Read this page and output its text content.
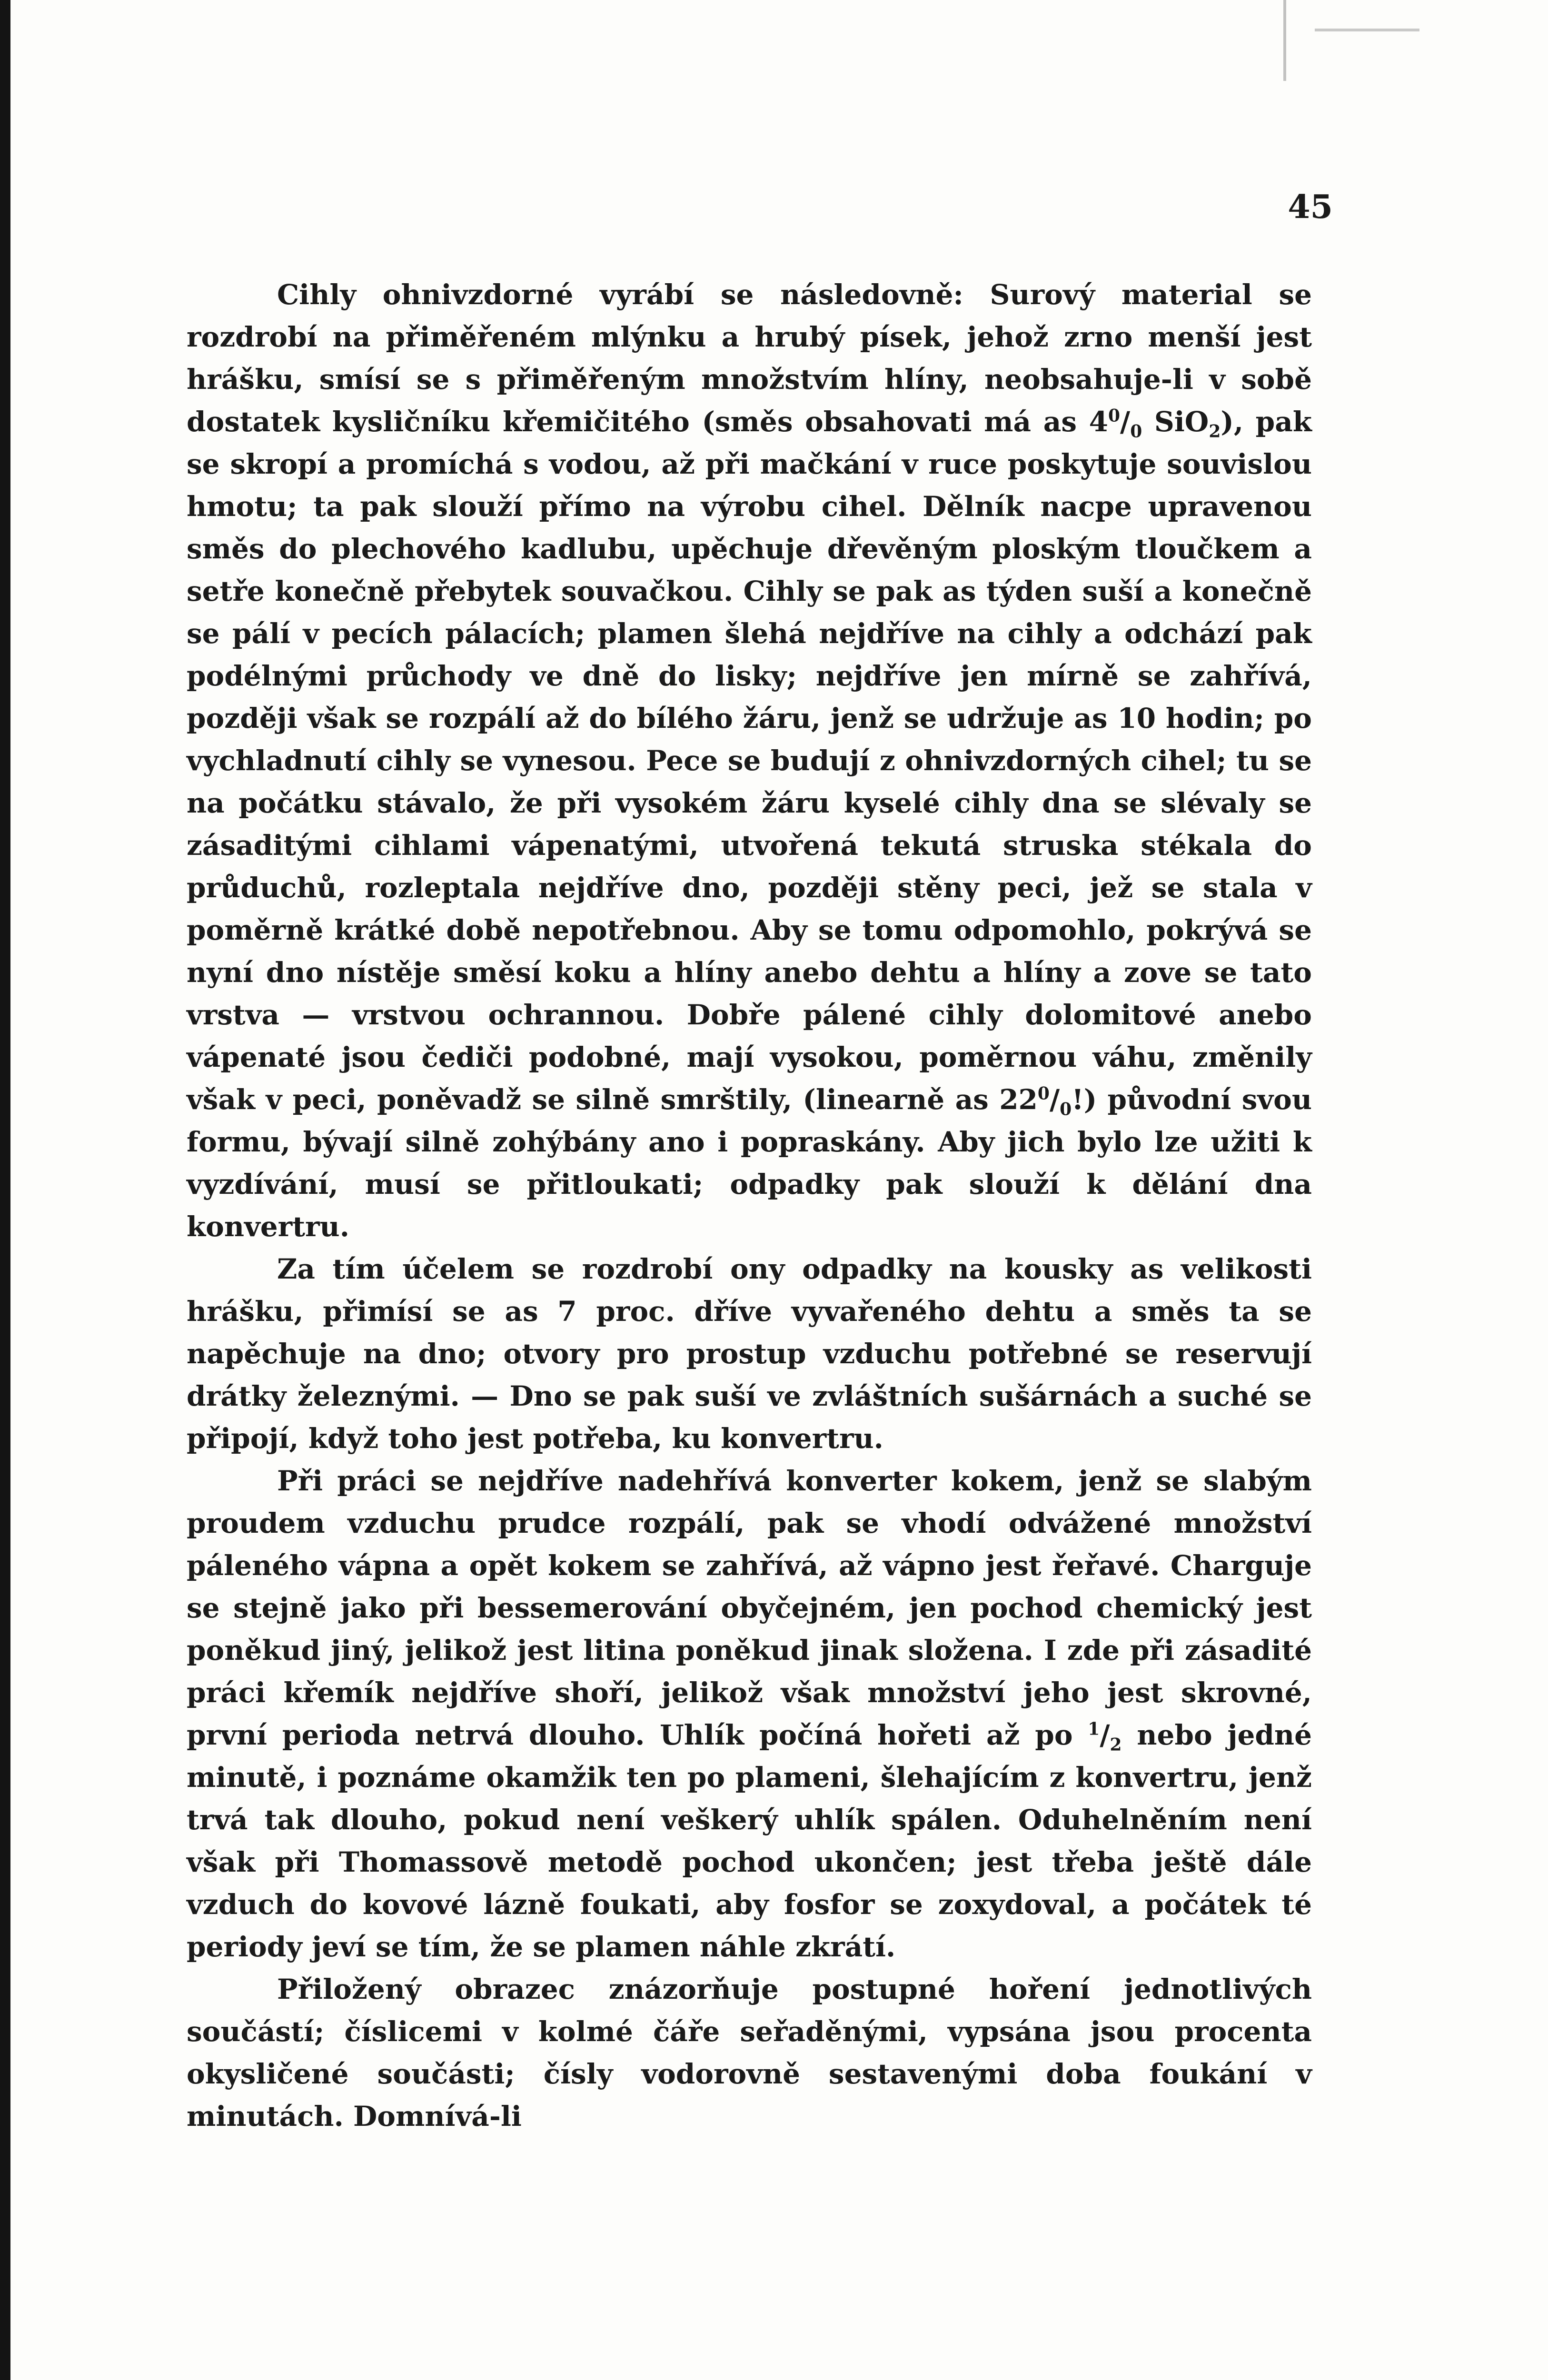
45

Cihly ohnivzdorné vyrábí se následovně: Surový material se rozdrobí na přiměřeném mlýnku a hrubý písek, jehož zrno menší jest hrášku, smísí se s přiměřeným množstvím hlíny, neobsahuje-li v sobě dostatek kysličníku křemičitého (směs obsahovati má as $4^0/_0$ SiO$_2$), pak se skropí a promíchá s vodou, až při mačkání v ruce poskytuje souvislou hmotu; ta pak slouží přímo na výrobu cihel. Dělník nacpe upravenou směs do plechového kadlubu, upěchuje dřevěným ploským tloučkem a setře konečně přebytek souvačkou. Cihly se pak as týden suší a konečně se pálí v pecích pálacích; plamen šlehá nejdříve na cihly a odchází pak podélnými průchody ve dně do lisky; nejdříve jen mírně se zahřívá, později však se rozpálí až do bílého žáru, jenž se udržuje as 10 hodin; po vychladnutí cihly se vynesou. Pece se budují z ohnivzdorných cihel; tu se na počátku stávalo, že při vysokém žáru kyselé cihly dna se slévaly se zásaditými cihlami vápenatými, utvořená tekutá struska stékala do průduchů, rozleptala nejdříve dno, později stěny peci, jež se stala v poměrně krátké době nepotřebnou. Aby se tomu odpomohlo, pokrývá se nyní dno nístěje směsí koku a hlíny anebo dehtu a hlíny a zove se tato vrstva — vrstvou ochrannou. Dobře pálené cihly dolomitové anebo vápenaté jsou čediči podobné, mají vysokou, poměrnou váhu, změnily však v peci, poněvadž se silně smrštily, (linearně as $22^0/_0$!) původní svou formu, bývají silně zohýbány ano i popraskány. Aby jich bylo lze užiti k vyzdívání, musí se přitloukati; odpadky pak slouží k dělání dna konvertru.

Za tím účelem se rozdrobí ony odpadky na kousky as velikosti hrášku, přimísí se as 7 proc. dříve vyvařeného dehtu a směs ta se napěchuje na dno; otvory pro prostup vzduchu potřebné se reservují drátky železnými. — Dno se pak suší ve zvláštních sušárnách a suché se připojí, když toho jest potřeba, ku konvertru.

Při práci se nejdříve nadehřívá konverter kokem, jenž se slabým proudem vzduchu prudce rozpálí, pak se vhodí odvážené množství páleného vápna a opět kokem se zahřívá, až vápno jest řeřavé. Charguje se stejně jako při bessemerování obyčejném, jen pochod chemický jest poněkud jiný, jelikož jest litina poněkud jinak složena. I zde při zásadité práci křemík nejdříve shoří, jelikož však množství jeho jest skrovné, první perioda netrvá dlouho. Uhlík počíná hořeti až po $^1/_2$ nebo jedné minutě, i poznáme okamžik ten po plameni, šlehajícím z konvertru, jenž trvá tak dlouho, pokud není veškerý uhlík spálen. Oduhelněním není však při Thomassově metodě pochod ukončen; jest třeba ještě dále vzduch do kovové lázně foukati, aby fosfor se zoxydoval, a počátek té periody jeví se tím, že se plamen náhle zkrátí.

Přiložený obrazec znázorňuje postupné hoření jednotlivých součástí; číslicemi v kolmé čáře seřaděnými, vypsána jsou procenta okysličené součásti; čísly vodorovně sestavenými doba foukání v minutách. Domnívá-li
